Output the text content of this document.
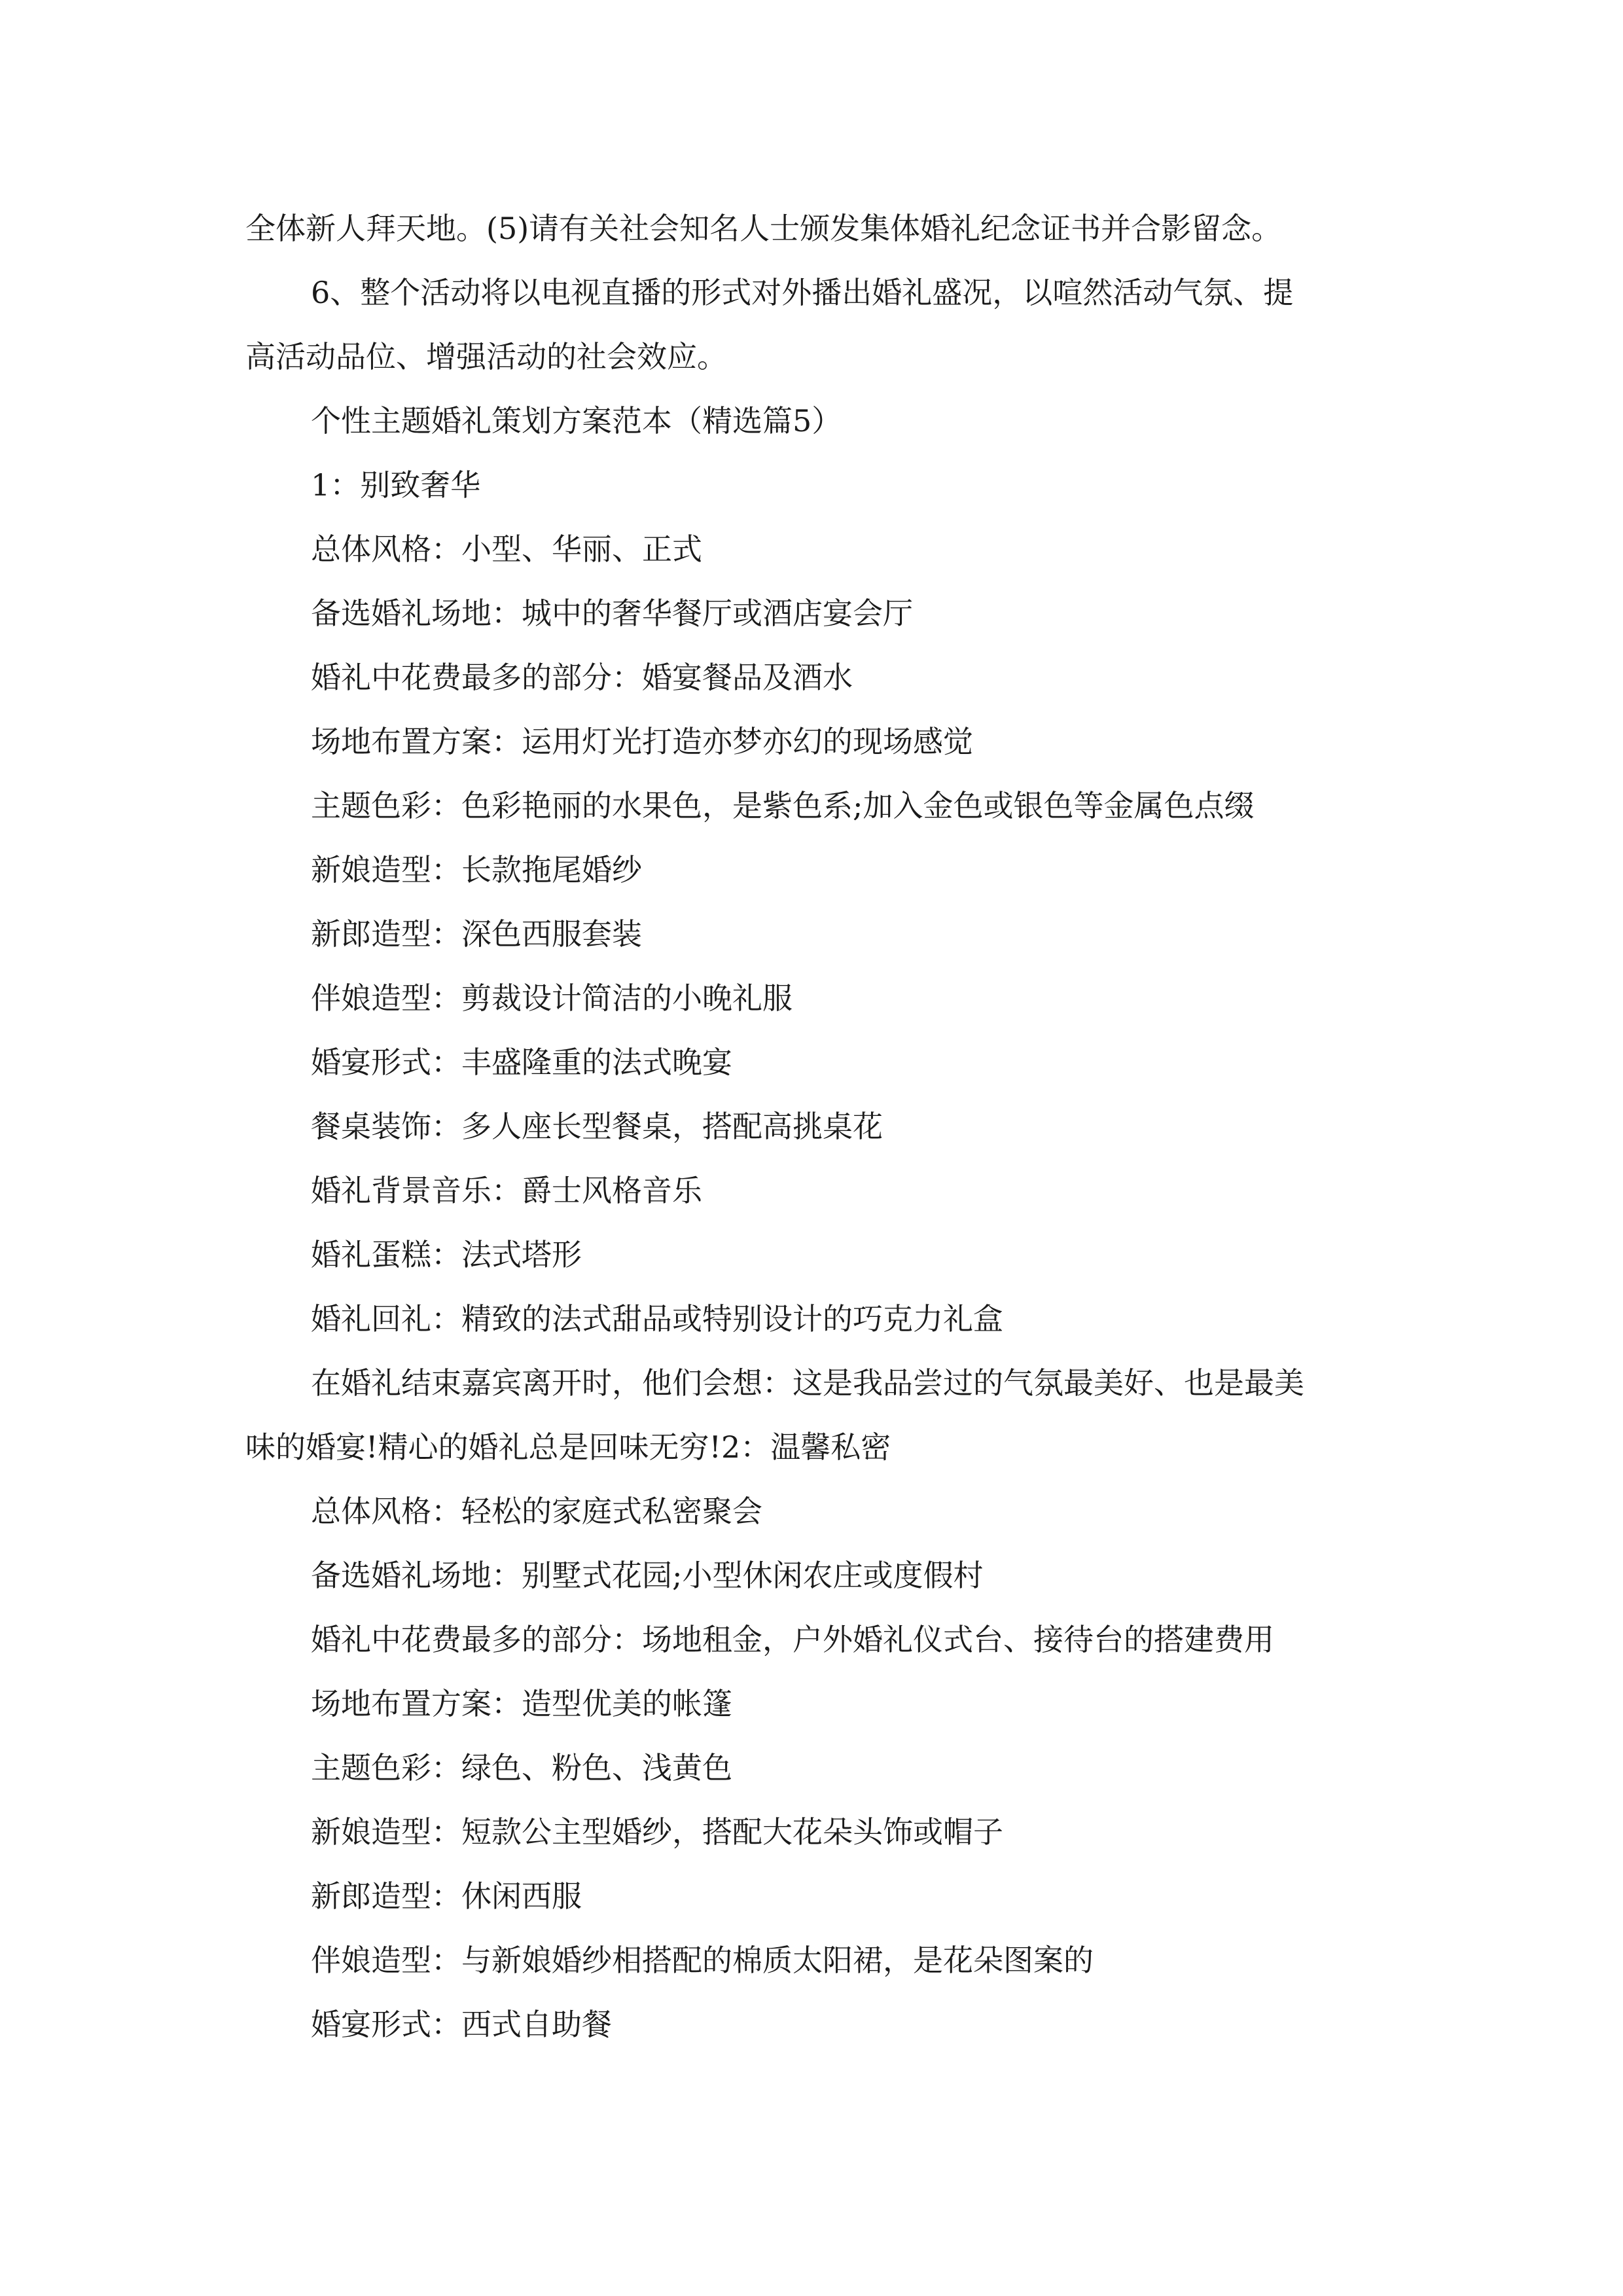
全体新人拜天地。(5)请有关社会知名人士颁发集体婚礼纪念证书并合影留念。
6、整个活动将以电视直播的形式对外播出婚礼盛况，以喧然活动气氛、提
高活动品位、增强活动的社会效应。
个性主题婚礼策划方案范本（精选篇5）
1：别致奢华
总体风格：小型、华丽、正式
备选婚礼场地：城中的奢华餐厅或酒店宴会厅
婚礼中花费最多的部分：婚宴餐品及酒水
场地布置方案：运用灯光打造亦梦亦幻的现场感觉
主题色彩：色彩艳丽的水果色，是紫色系;加入金色或银色等金属色点缀
新娘造型：长款拖尾婚纱
新郎造型：深色西服套装
伴娘造型：剪裁设计简洁的小晚礼服
婚宴形式：丰盛隆重的法式晚宴
餐桌装饰：多人座长型餐桌，搭配高挑桌花
婚礼背景音乐：爵士风格音乐
婚礼蛋糕：法式塔形
婚礼回礼：精致的法式甜品或特别设计的巧克力礼盒
在婚礼结束嘉宾离开时，他们会想：这是我品尝过的气氛最美好、也是最美
味的婚宴!精心的婚礼总是回味无穷!2：温馨私密
总体风格：轻松的家庭式私密聚会
备选婚礼场地：别墅式花园;小型休闲农庄或度假村
婚礼中花费最多的部分：场地租金，户外婚礼仪式台、接待台的搭建费用
场地布置方案：造型优美的帐篷
主题色彩：绿色、粉色、浅黄色
新娘造型：短款公主型婚纱，搭配大花朵头饰或帽子
新郎造型：休闲西服
伴娘造型：与新娘婚纱相搭配的棉质太阳裙，是花朵图案的
婚宴形式：西式自助餐
